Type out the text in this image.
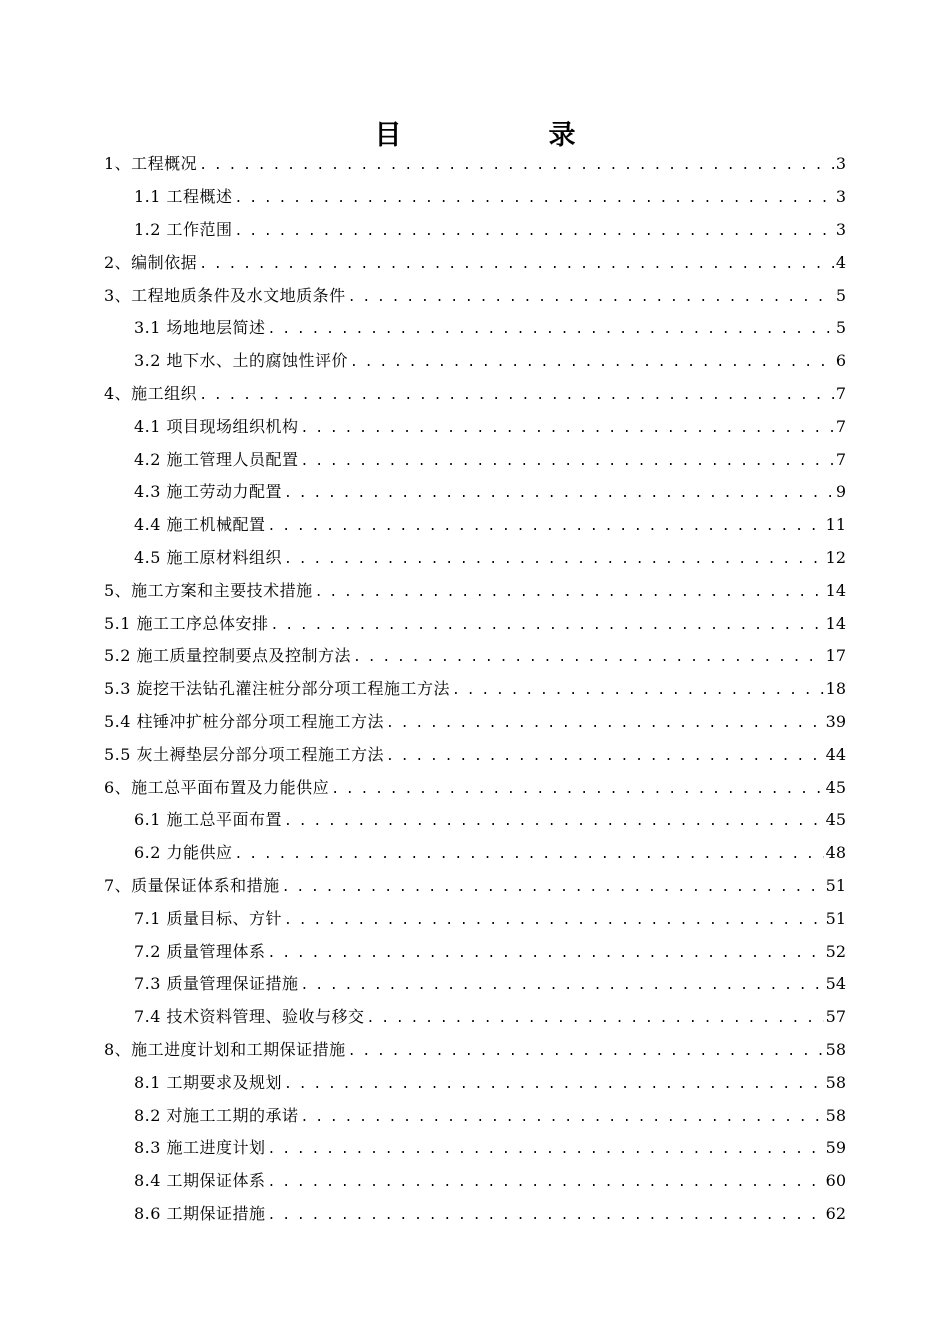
目　录
1、工程概况 . . .	3
1.1 工程概述 . . .	3
1.2 工作范围 . . .	3
2、编制依据 . . .	4
3、工程地质条件及水文地质条件 . . .	5
3.1 场地地层简述 . . .	5
3.2 地下水、土的腐蚀性评价 . . .	6
4、施工组织 . . .	7
4.1 项目现场组织机构 . . .	7
4.2 施工管理人员配置 . . .	7
4.3 施工劳动力配置 . . .	9
4.4 施工机械配置 . . .	11
4.5 施工原材料组织 . . .	12
5、施工方案和主要技术措施 . . .	14
5.1 施工工序总体安排 . . .	14
5.2 施工质量控制要点及控制方法 . . .	17
5.3 旋挖干法钻孔灌注桩分部分项工程施工方法 . . .	18
5.4 柱锤冲扩桩分部分项工程施工方法 . . .	39
5.5 灰土褥垫层分部分项工程施工方法 . . .	44
6、施工总平面布置及力能供应 . . .	45
6.1 施工总平面布置 . . .	45
6.2 力能供应 . . .	48
7、质量保证体系和措施 . . .	51
7.1 质量目标、方针 . . .	51
7.2 质量管理体系 . . .	52
7.3 质量管理保证措施 . . .	54
7.4 技术资料管理、验收与移交 . . .	57
8、施工进度计划和工期保证措施 . . .	58
8.1 工期要求及规划 . . .	58
8.2 对施工工期的承诺 . . .	58
8.3 施工进度计划 . . .	59
8.4 工期保证体系 . . .	60
8.6 工期保证措施 . . .	62
